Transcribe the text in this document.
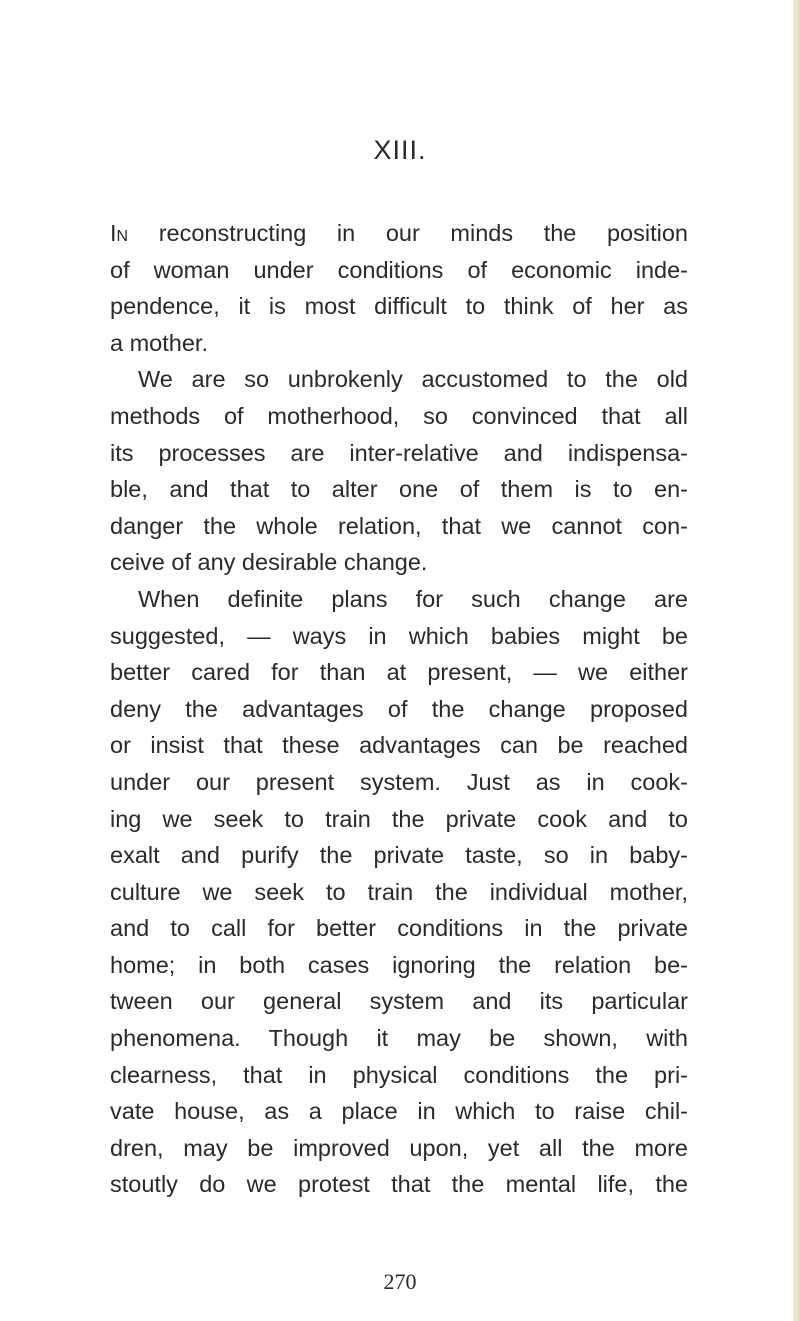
XIII.
In reconstructing in our minds the position
of woman under conditions of economic inde-
pendence, it is most difficult to think of her as
a mother.
We are so unbrokenly accustomed to the old
methods of motherhood, so convinced that all
its processes are inter-relative and indispensa-
ble, and that to alter one of them is to en-
danger the whole relation, that we cannot con-
ceive of any desirable change.
When definite plans for such change are
suggested, — ways in which babies might be
better cared for than at present, — we either
deny the advantages of the change proposed
or insist that these advantages can be reached
under our present system. Just as in cook-
ing we seek to train the private cook and to
exalt and purify the private taste, so in baby-
culture we seek to train the individual mother,
and to call for better conditions in the private
home; in both cases ignoring the relation be-
tween our general system and its particular
phenomena. Though it may be shown, with
clearness, that in physical conditions the pri-
vate house, as a place in which to raise chil-
dren, may be improved upon, yet all the more
stoutly do we protest that the mental life, the
270
